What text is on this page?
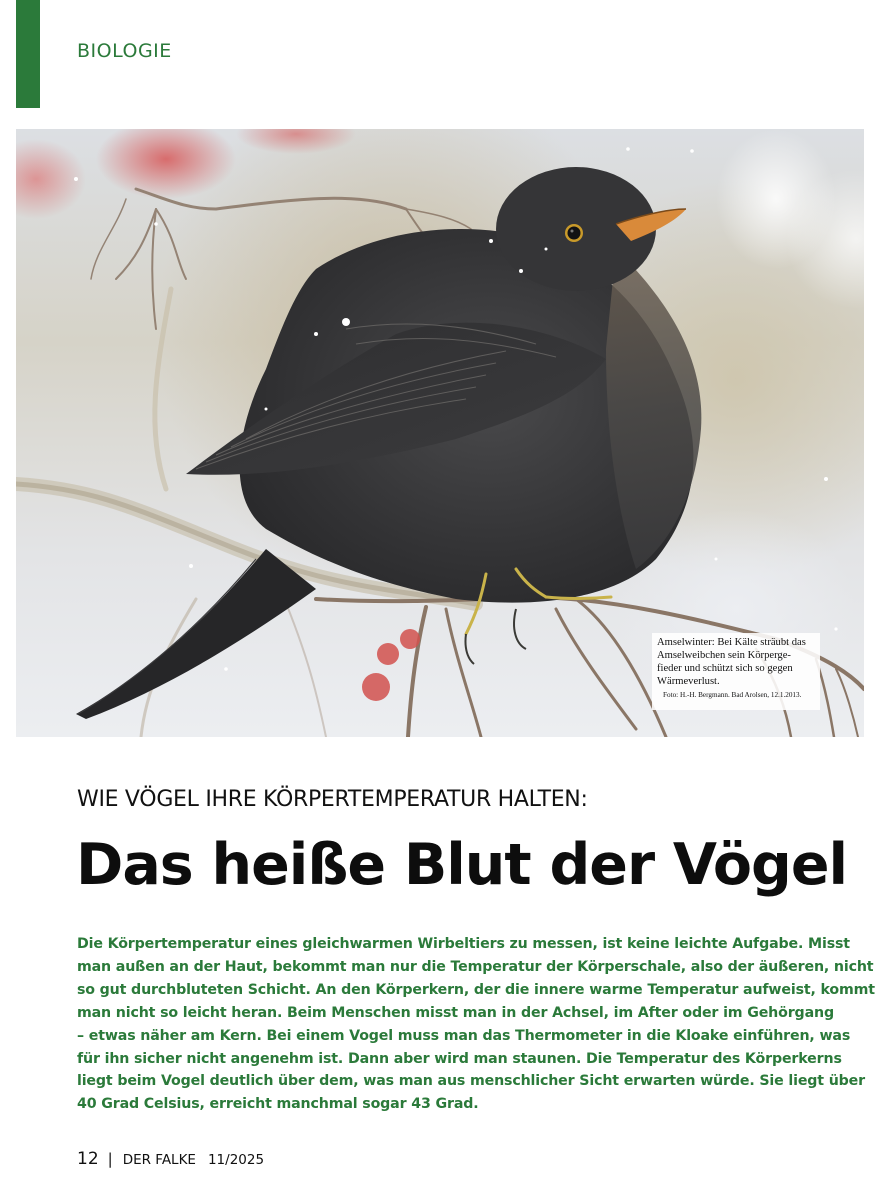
BIOLOGIE
Amselwinter: Bei Kälte sträubt das
Amselweibchen sein Körperge-
fieder und schützt sich so gegen
Wärmeverlust.
Foto: H.-H. Bergmann. Bad Arolsen, 12.1.2013.
WIE VÖGEL IHRE KÖRPERTEMPERATUR HALTEN:
Das heiße Blut der Vögel
Die Körpertemperatur eines gleichwarmen Wirbeltiers zu messen, ist keine leichte Aufgabe. Misst
man außen an der Haut, bekommt man nur die Temperatur der Körperschale, also der äußeren, nicht
so gut durchbluteten Schicht. An den Körperkern, der die innere warme Temperatur aufweist, kommt
man nicht so leicht heran. Beim Menschen misst man in der Achsel, im After oder im Gehörgang
– etwas näher am Kern. Bei einem Vogel muss man das Thermometer in die Kloake einführen, was
für ihn sicher nicht angenehm ist. Dann aber wird man staunen. Die Temperatur des Körperkerns
liegt beim Vogel deutlich über dem, was man aus menschlicher Sicht erwarten würde. Sie liegt über
40 Grad Celsius, erreicht manchmal sogar 43 Grad.
12 | DER FALKE 11/2025
